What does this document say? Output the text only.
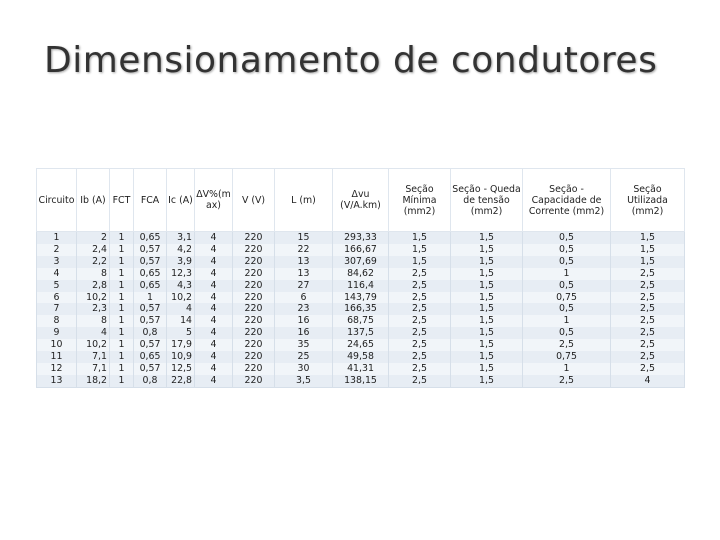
Dimensionamento de condutores
Circuito	Ib (A)	FCT	FCA	Ic (A)	ΔV%(m ax)	V (V)	L (m)	Δvu (V/A.km)	Seção Mínima (mm2)	Seção - Queda de tensão (mm2)	Seção - Capacidade de Corrente (mm2)	Seção Utilizada (mm2)
1	2	1	0,65	3,1	4	220	15	293,33	1,5	1,5	0,5	1,5
2	2,4	1	0,57	4,2	4	220	22	166,67	1,5	1,5	0,5	1,5
3	2,2	1	0,57	3,9	4	220	13	307,69	1,5	1,5	0,5	1,5
4	8	1	0,65	12,3	4	220	13	84,62	2,5	1,5	1	2,5
5	2,8	1	0,65	4,3	4	220	27	116,4	2,5	1,5	0,5	2,5
6	10,2	1	1	10,2	4	220	6	143,79	2,5	1,5	0,75	2,5
7	2,3	1	0,57	4	4	220	23	166,35	2,5	1,5	0,5	2,5
8	8	1	0,57	14	4	220	16	68,75	2,5	1,5	1	2,5
9	4	1	0,8	5	4	220	16	137,5	2,5	1,5	0,5	2,5
10	10,2	1	0,57	17,9	4	220	35	24,65	2,5	1,5	2,5	2,5
11	7,1	1	0,65	10,9	4	220	25	49,58	2,5	1,5	0,75	2,5
12	7,1	1	0,57	12,5	4	220	30	41,31	2,5	1,5	1	2,5
13	18,2	1	0,8	22,8	4	220	3,5	138,15	2,5	1,5	2,5	4
